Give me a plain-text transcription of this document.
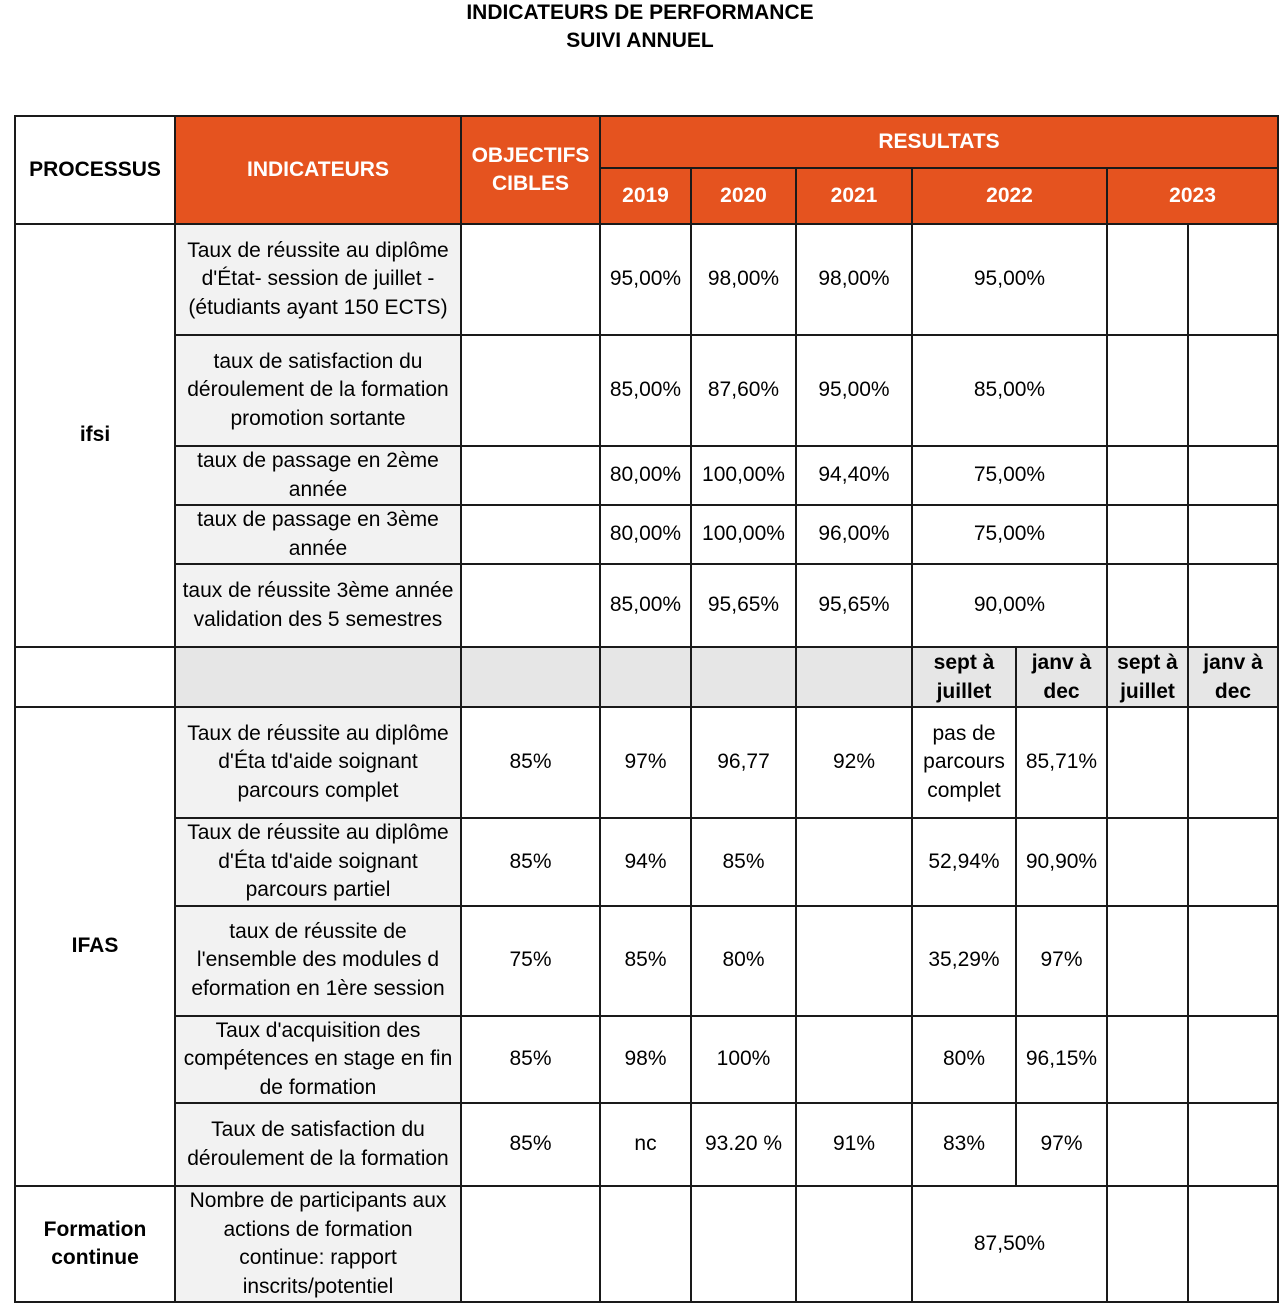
INDICATEURS DE PERFORMANCE
SUIVI ANNUEL
PROCESSUS	INDICATEURS	OBJECTIFS CIBLES	RESULTATS						
			2019	2020	2021	2022		2023	
ifsi	Taux de réussite au diplôme d'État- session de juillet - (étudiants ayant 150 ECTS)		95,00%	98,00%	98,00%	95,00%			
	taux de satisfaction du déroulement de la formation promotion sortante		85,00%	87,60%	95,00%	85,00%			
	taux de passage en 2ème année		80,00%	100,00%	94,40%	75,00%			
	taux de passage en 3ème année		80,00%	100,00%	96,00%	75,00%			
	taux de réussite 3ème année validation des 5 semestres		85,00%	95,65%	95,65%	90,00%			
						sept à juillet	janv à dec	sept à juillet	janv à dec
IFAS	Taux de réussite au diplôme d'Éta td'aide soignant parcours complet	85%	97%	96,77	92%	pas de parcours complet	85,71%		
	Taux de réussite au diplôme d'Éta td'aide soignant parcours partiel	85%	94%	85%		52,94%	90,90%		
	taux de réussite de l'ensemble des modules d eformation en 1ère session	75%	85%	80%		35,29%	97%		
	Taux d'acquisition des compétences en stage en fin de formation	85%	98%	100%		80%	96,15%		
	Taux de satisfaction du déroulement de la formation	85%	nc	93.20 %	91%	83%	97%		
Formation continue	Nombre de participants aux actions de formation continue: rapport inscrits/potentiel					87,50%			
